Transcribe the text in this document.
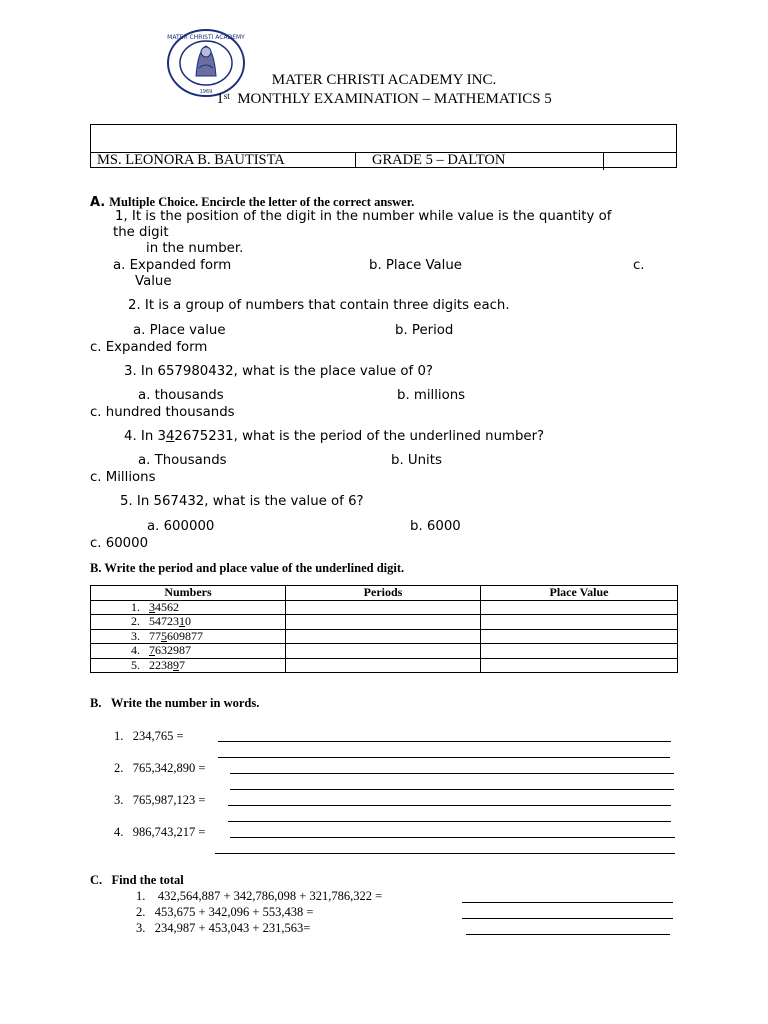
MATER CHRISTI ACADEMY
1969
MATER CHRISTI ACADEMY INC.
1st MONTHLY EXAMINATION – MATHEMATICS 5
MS. LEONORA B. BAUTISTA	GRADE 5 – DALTON
A. Multiple Choice. Encircle the letter of the correct answer.
1, It is the position of the digit in the number while value is the quantity of
the digit
in the number.
a. Expanded form	b. Place Value	c.
Value
2. It is a group of numbers that contain three digits each.
a. Place value	b. Period
c. Expanded form
3. In 657980432, what is the place value of 0?
a. thousands	b. millions
c. hundred thousands
4. In 342675231, what is the period of the underlined number?
a. Thousands	b. Units
c. Millions
5. In 567432, what is the value of 6?
a. 600000	b. 6000
c. 60000
B. Write the period and place value of the underlined digit.
Numbers	Periods	Place Value
1. 34562		
2. 5472310		
3. 775609877		
4. 7632987		
5. 223897		
B. Write the number in words.
1. 234,765 =
2. 765,342,890 =
3. 765,987,123 =
4. 986,743,217 =
C. Find the total
1. 432,564,887 + 342,786,098 + 321,786,322 =
2. 453,675 + 342,096 + 553,438 =
3. 234,987 + 453,043 + 231,563=
